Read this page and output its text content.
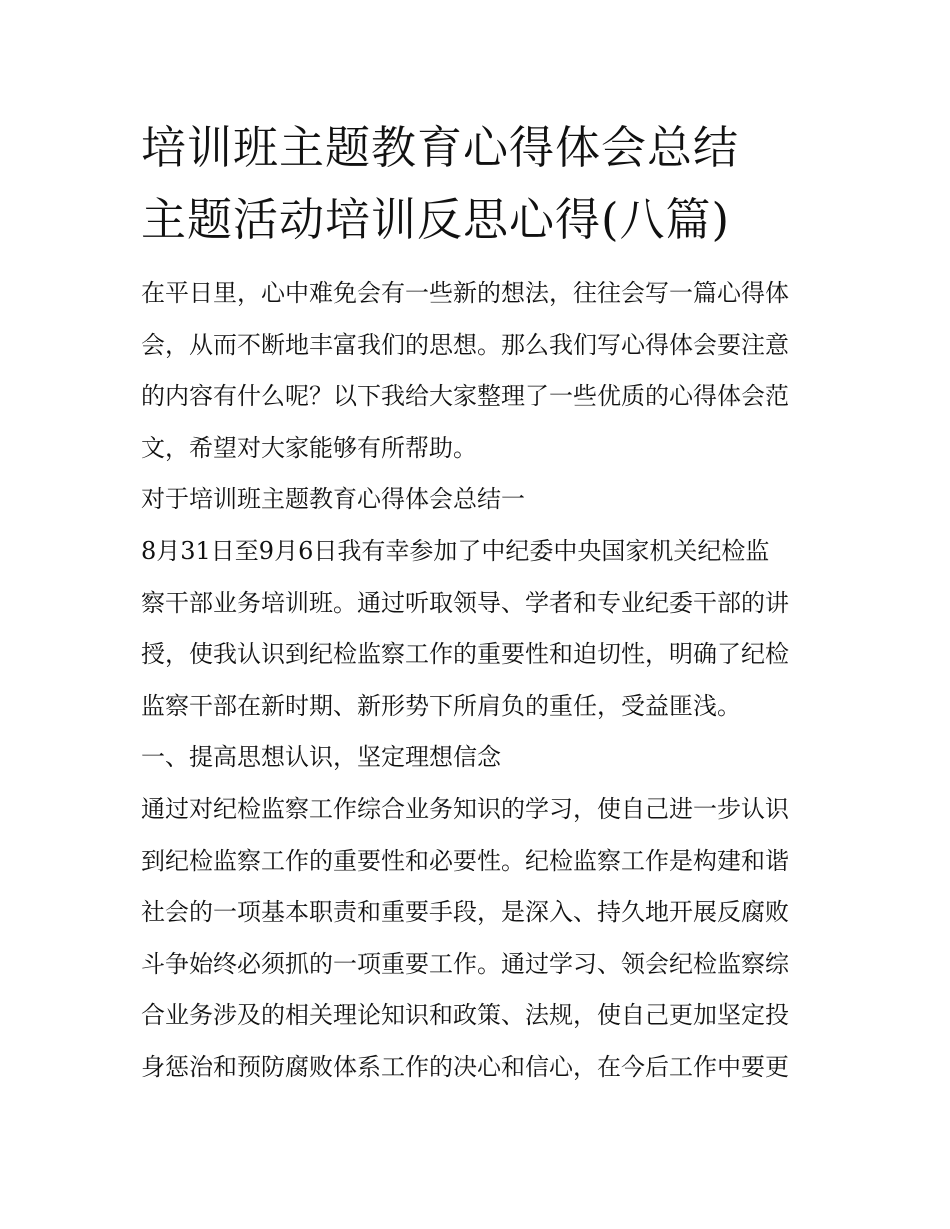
培训班主题教育心得体会总结
主题活动培训反思心得(八篇)
在平日里，心中难免会有一些新的想法，往往会写一篇心得体
会，从而不断地丰富我们的思想。那么我们写心得体会要注意
的内容有什么呢？以下我给大家整理了一些优质的心得体会范
文，希望对大家能够有所帮助。
对于培训班主题教育心得体会总结一
8月31日至9月6日我有幸参加了中纪委中央国家机关纪检监
察干部业务培训班。通过听取领导、学者和专业纪委干部的讲
授，使我认识到纪检监察工作的重要性和迫切性，明确了纪检
监察干部在新时期、新形势下所肩负的重任，受益匪浅。
一、提高思想认识，坚定理想信念
通过对纪检监察工作综合业务知识的学习，使自己进一步认识
到纪检监察工作的重要性和必要性。纪检监察工作是构建和谐
社会的一项基本职责和重要手段，是深入、持久地开展反腐败
斗争始终必须抓的一项重要工作。通过学习、领会纪检监察综
合业务涉及的相关理论知识和政策、法规，使自己更加坚定投
身惩治和预防腐败体系工作的决心和信心，在今后工作中要更
